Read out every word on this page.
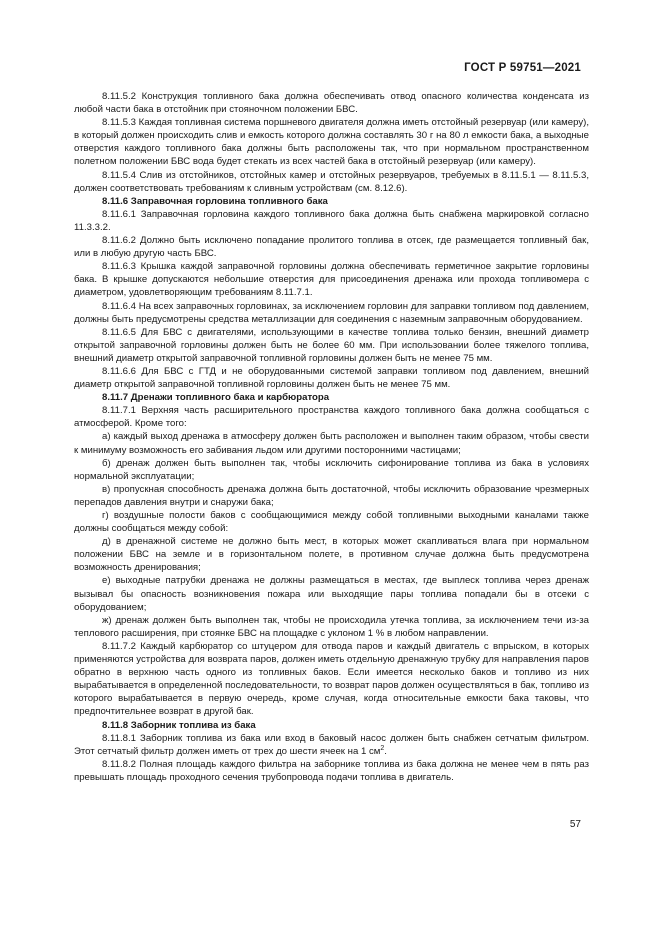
ГОСТ Р 59751—2021

8.11.5.2 Конструкция топливного бака должна обеспечивать отвод опасного количества конденсата из любой части бака в отстойник при стояночном положении БВС.

8.11.5.3 Каждая топливная система поршневого двигателя должна иметь отстойный резервуар (или камеру), в который должен происходить слив и емкость которого должна составлять 30 г на 80 л емкости бака, а выходные отверстия каждого топливного бака должны быть расположены так, что при нормальном пространственном полетном положении БВС вода будет стекать из всех частей бака в отстойный резервуар (или камеру).

8.11.5.4 Слив из отстойников, отстойных камер и отстойных резервуаров, требуемых в 8.11.5.1 — 8.11.5.3, должен соответствовать требованиям к сливным устройствам (см. 8.12.6).

8.11.6 Заправочная горловина топливного бака

8.11.6.1 Заправочная горловина каждого топливного бака должна быть снабжена маркировкой согласно 11.3.3.2.

8.11.6.2 Должно быть исключено попадание пролитого топлива в отсек, где размещается топливный бак, или в любую другую часть БВС.

8.11.6.3 Крышка каждой заправочной горловины должна обеспечивать герметичное закрытие горловины бака. В крышке допускаются небольшие отверстия для присоединения дренажа или прохода топливомера с диаметром, удовлетворяющим требованиям 8.11.7.1.

8.11.6.4 На всех заправочных горловинах, за исключением горловин для заправки топливом под давлением, должны быть предусмотрены средства металлизации для соединения с наземным заправочным оборудованием.

8.11.6.5 Для БВС с двигателями, использующими в качестве топлива только бензин, внешний диаметр открытой заправочной горловины должен быть не более 60 мм. При использовании более тяжелого топлива, внешний диаметр открытой заправочной топливной горловины должен быть не менее 75 мм.

8.11.6.6 Для БВС с ГТД и не оборудованными системой заправки топливом под давлением, внешний диаметр открытой заправочной топливной горловины должен быть не менее 75 мм.

8.11.7 Дренажи топливного бака и карбюратора

8.11.7.1 Верхняя часть расширительного пространства каждого топливного бака должна сообщаться с атмосферой. Кроме того:

а) каждый выход дренажа в атмосферу должен быть расположен и выполнен таким образом, чтобы свести к минимуму возможность его забивания льдом или другими посторонними частицами;

б) дренаж должен быть выполнен так, чтобы исключить сифонирование топлива из бака в условиях нормальной эксплуатации;

в) пропускная способность дренажа должна быть достаточной, чтобы исключить образование чрезмерных перепадов давления внутри и снаружи бака;

г) воздушные полости баков с сообщающимися между собой топливными выходными каналами также должны сообщаться между собой:

д) в дренажной системе не должно быть мест, в которых может скапливаться влага при нормальном положении БВС на земле и в горизонтальном полете, в противном случае должна быть предусмотрена возможность дренирования;

е) выходные патрубки дренажа не должны размещаться в местах, где выплеск топлива через дренаж вызывал бы опасность возникновения пожара или выходящие пары топлива попадали бы в отсеки с оборудованием;

ж) дренаж должен быть выполнен так, чтобы не происходила утечка топлива, за исключением течи из-за теплового расширения, при стоянке БВС на площадке с уклоном 1 % в любом направлении.

8.11.7.2 Каждый карбюратор со штуцером для отвода паров и каждый двигатель с впрыском, в которых применяются устройства для возврата паров, должен иметь отдельную дренажную трубку для направления паров обратно в верхнюю часть одного из топливных баков. Если имеется несколько баков и топливо из них вырабатывается в определенной последовательности, то возврат паров должен осуществляться в бак, топливо из которого вырабатывается в первую очередь, кроме случая, когда относительные емкости бака таковы, что предпочтительнее возврат в другой бак.

8.11.8 Заборник топлива из бака

8.11.8.1 Заборник топлива из бака или вход в баковый насос должен быть снабжен сетчатым фильтром. Этот сетчатый фильтр должен иметь от трех до шести ячеек на 1 $см^2$.

8.11.8.2 Полная площадь каждого фильтра на заборнике топлива из бака должна не менее чем в пять раз превышать площадь проходного сечения трубопровода подачи топлива в двигатель.

57
